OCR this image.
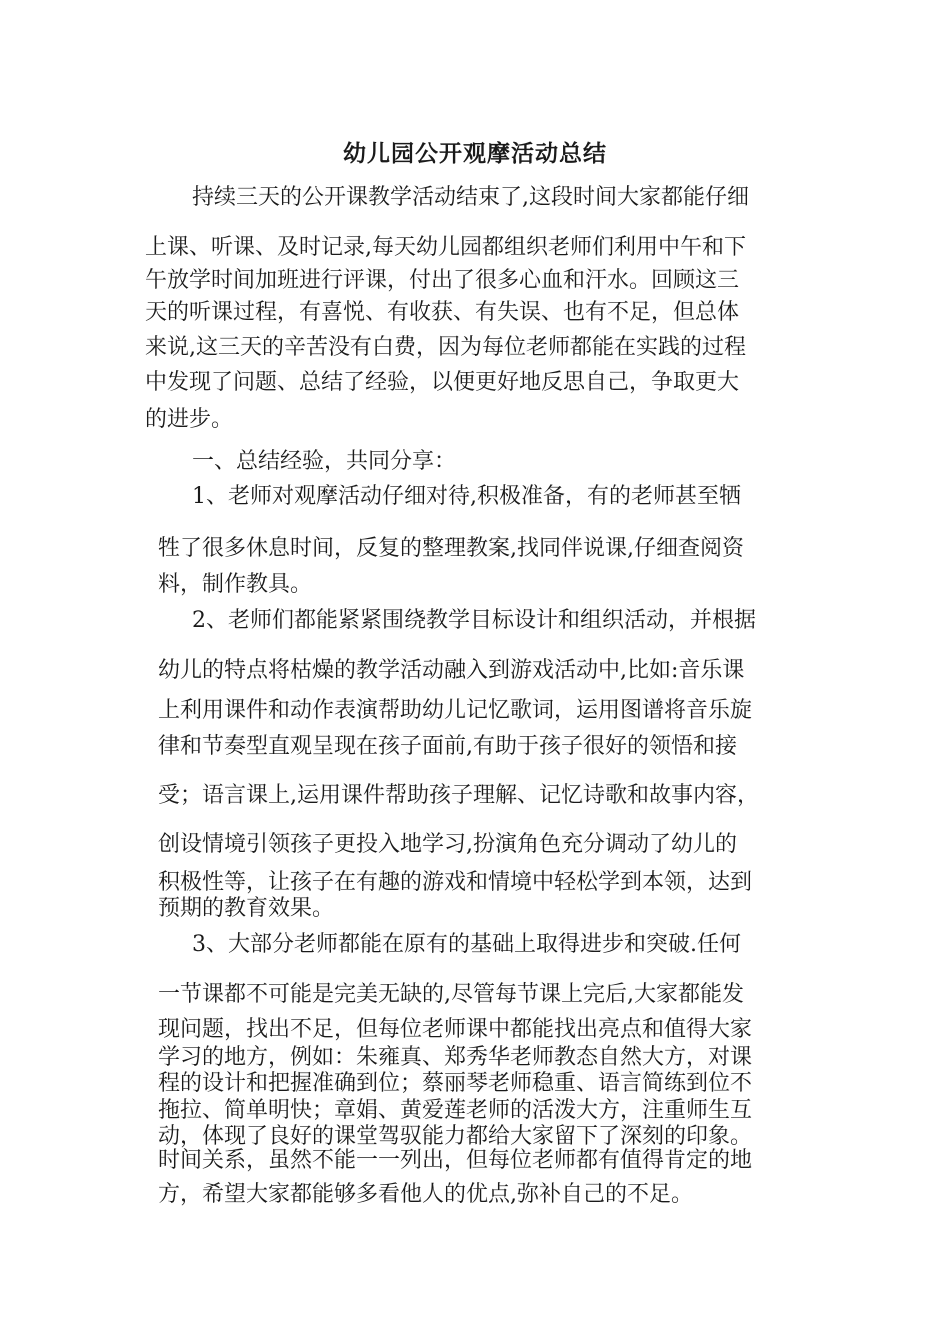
幼儿园公开观摩活动总结

持续三天的公开课教学活动结束了,这段时间大家都能仔细

上课、听课、及时记录,每天幼儿园都组织老师们利用中午和下

午放学时间加班进行评课，付出了很多心血和汗水。回顾这三

天的听课过程，有喜悦、有收获、有失误、也有不足，但总体

来说,这三天的辛苦没有白费，因为每位老师都能在实践的过程

中发现了问题、总结了经验，以便更好地反思自己，争取更大

的进步。

一、总结经验，共同分享：

1、老师对观摩活动仔细对待,积极准备，有的老师甚至牺

牲了很多休息时间，反复的整理教案,找同伴说课,仔细查阅资

料，制作教具。

2、老师们都能紧紧围绕教学目标设计和组织活动，并根据

幼儿的特点将枯燥的教学活动融入到游戏活动中,比如:音乐课

上利用课件和动作表演帮助幼儿记忆歌词，运用图谱将音乐旋

律和节奏型直观呈现在孩子面前,有助于孩子很好的领悟和接

受；语言课上,运用课件帮助孩子理解、记忆诗歌和故事内容，

创设情境引领孩子更投入地学习,扮演角色充分调动了幼儿的

积极性等，让孩子在有趣的游戏和情境中轻松学到本领，达到

预期的教育效果。

3、大部分老师都能在原有的基础上取得进步和突破.任何

一节课都不可能是完美无缺的,尽管每节课上完后,大家都能发

现问题，找出不足，但每位老师课中都能找出亮点和值得大家

学习的地方，例如：朱雍真、郑秀华老师教态自然大方，对课

程的设计和把握准确到位；蔡丽琴老师稳重、语言简练到位不

拖拉、简单明快；章娟、黄爱莲老师的活泼大方，注重师生互

动，体现了良好的课堂驾驭能力都给大家留下了深刻的印象。

时间关系，虽然不能一一列出，但每位老师都有值得肯定的地

方，希望大家都能够多看他人的优点,弥补自己的不足。
